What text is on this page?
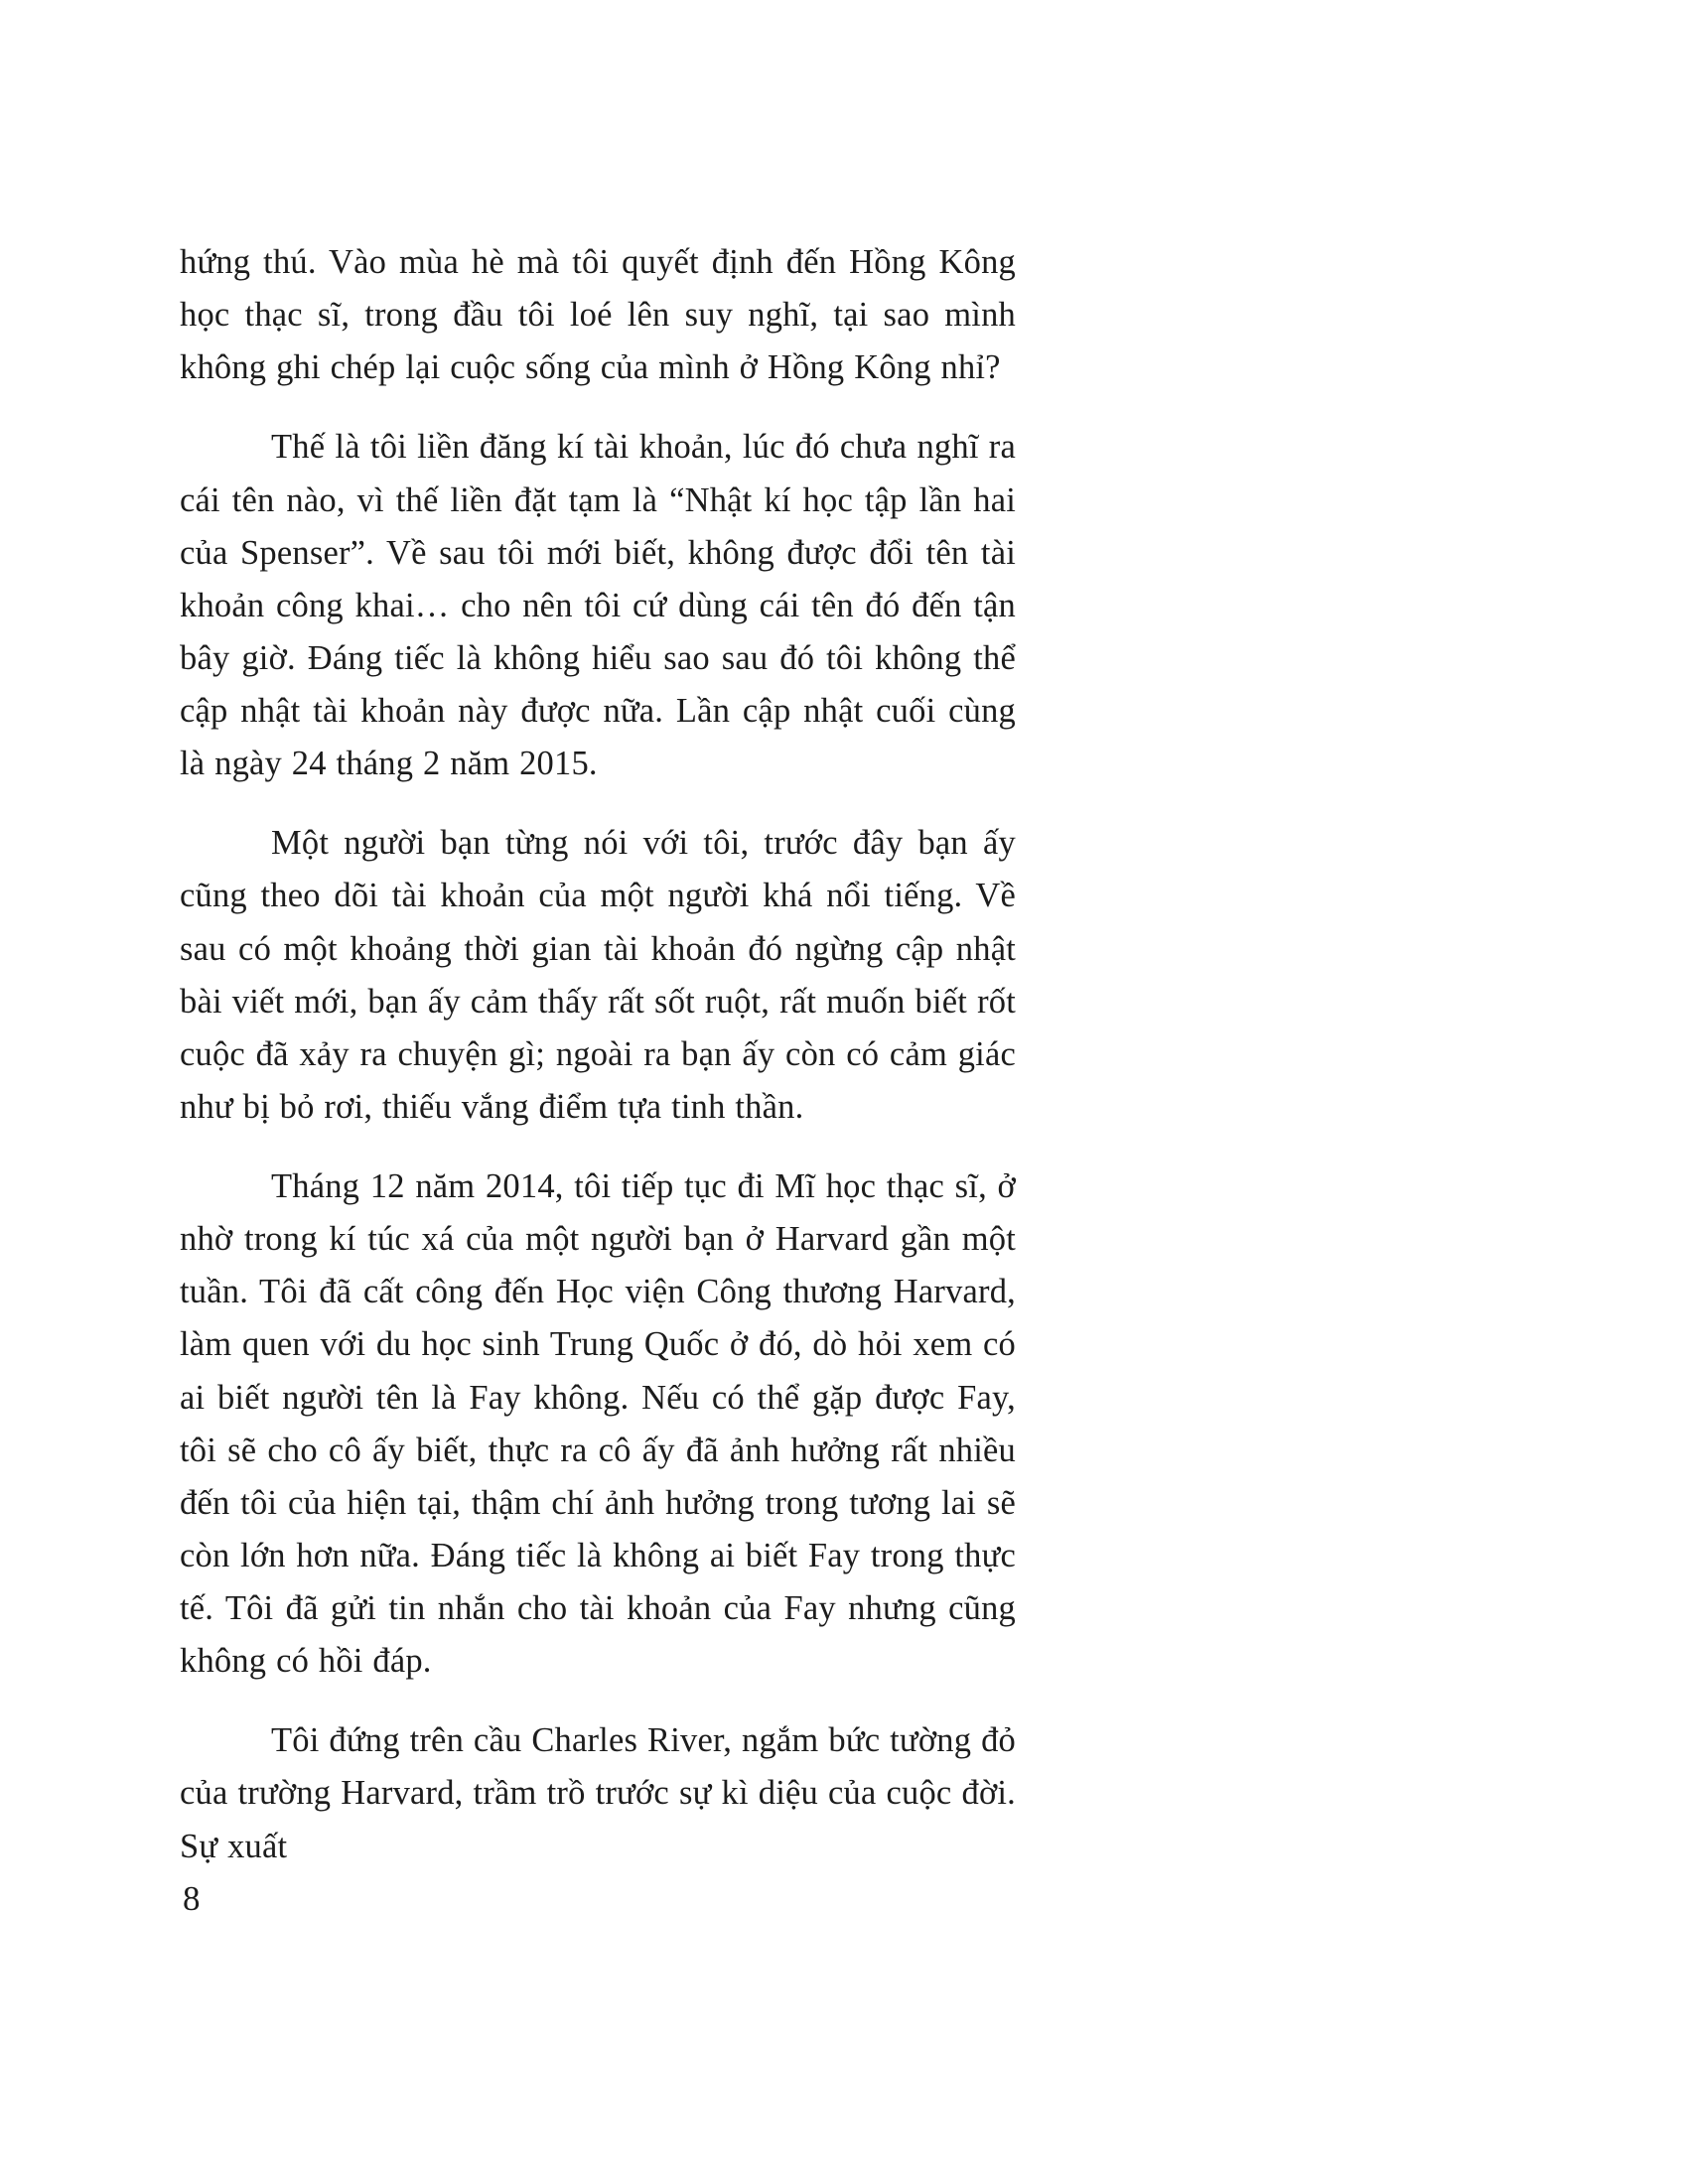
hứng thú. Vào mùa hè mà tôi quyết định đến Hồng Kông học thạc sĩ, trong đầu tôi loé lên suy nghĩ, tại sao mình không ghi chép lại cuộc sống của mình ở Hồng Kông nhỉ?

Thế là tôi liền đăng kí tài khoản, lúc đó chưa nghĩ ra cái tên nào, vì thế liền đặt tạm là “Nhật kí học tập lần hai của Spenser”. Về sau tôi mới biết, không được đổi tên tài khoản công khai… cho nên tôi cứ dùng cái tên đó đến tận bây giờ. Đáng tiếc là không hiểu sao sau đó tôi không thể cập nhật tài khoản này được nữa. Lần cập nhật cuối cùng là ngày 24 tháng 2 năm 2015.

Một người bạn từng nói với tôi, trước đây bạn ấy cũng theo dõi tài khoản của một người khá nổi tiếng. Về sau có một khoảng thời gian tài khoản đó ngừng cập nhật bài viết mới, bạn ấy cảm thấy rất sốt ruột, rất muốn biết rốt cuộc đã xảy ra chuyện gì; ngoài ra bạn ấy còn có cảm giác như bị bỏ rơi, thiếu vắng điểm tựa tinh thần.

Tháng 12 năm 2014, tôi tiếp tục đi Mĩ học thạc sĩ, ở nhờ trong kí túc xá của một người bạn ở Harvard gần một tuần. Tôi đã cất công đến Học viện Công thương Harvard, làm quen với du học sinh Trung Quốc ở đó, dò hỏi xem có ai biết người tên là Fay không. Nếu có thể gặp được Fay, tôi sẽ cho cô ấy biết, thực ra cô ấy đã ảnh hưởng rất nhiều đến tôi của hiện tại, thậm chí ảnh hưởng trong tương lai sẽ còn lớn hơn nữa. Đáng tiếc là không ai biết Fay trong thực tế. Tôi đã gửi tin nhắn cho tài khoản của Fay nhưng cũng không có hồi đáp.

Tôi đứng trên cầu Charles River, ngắm bức tường đỏ của trường Harvard, trầm trồ trước sự kì diệu của cuộc đời. Sự xuất

8
